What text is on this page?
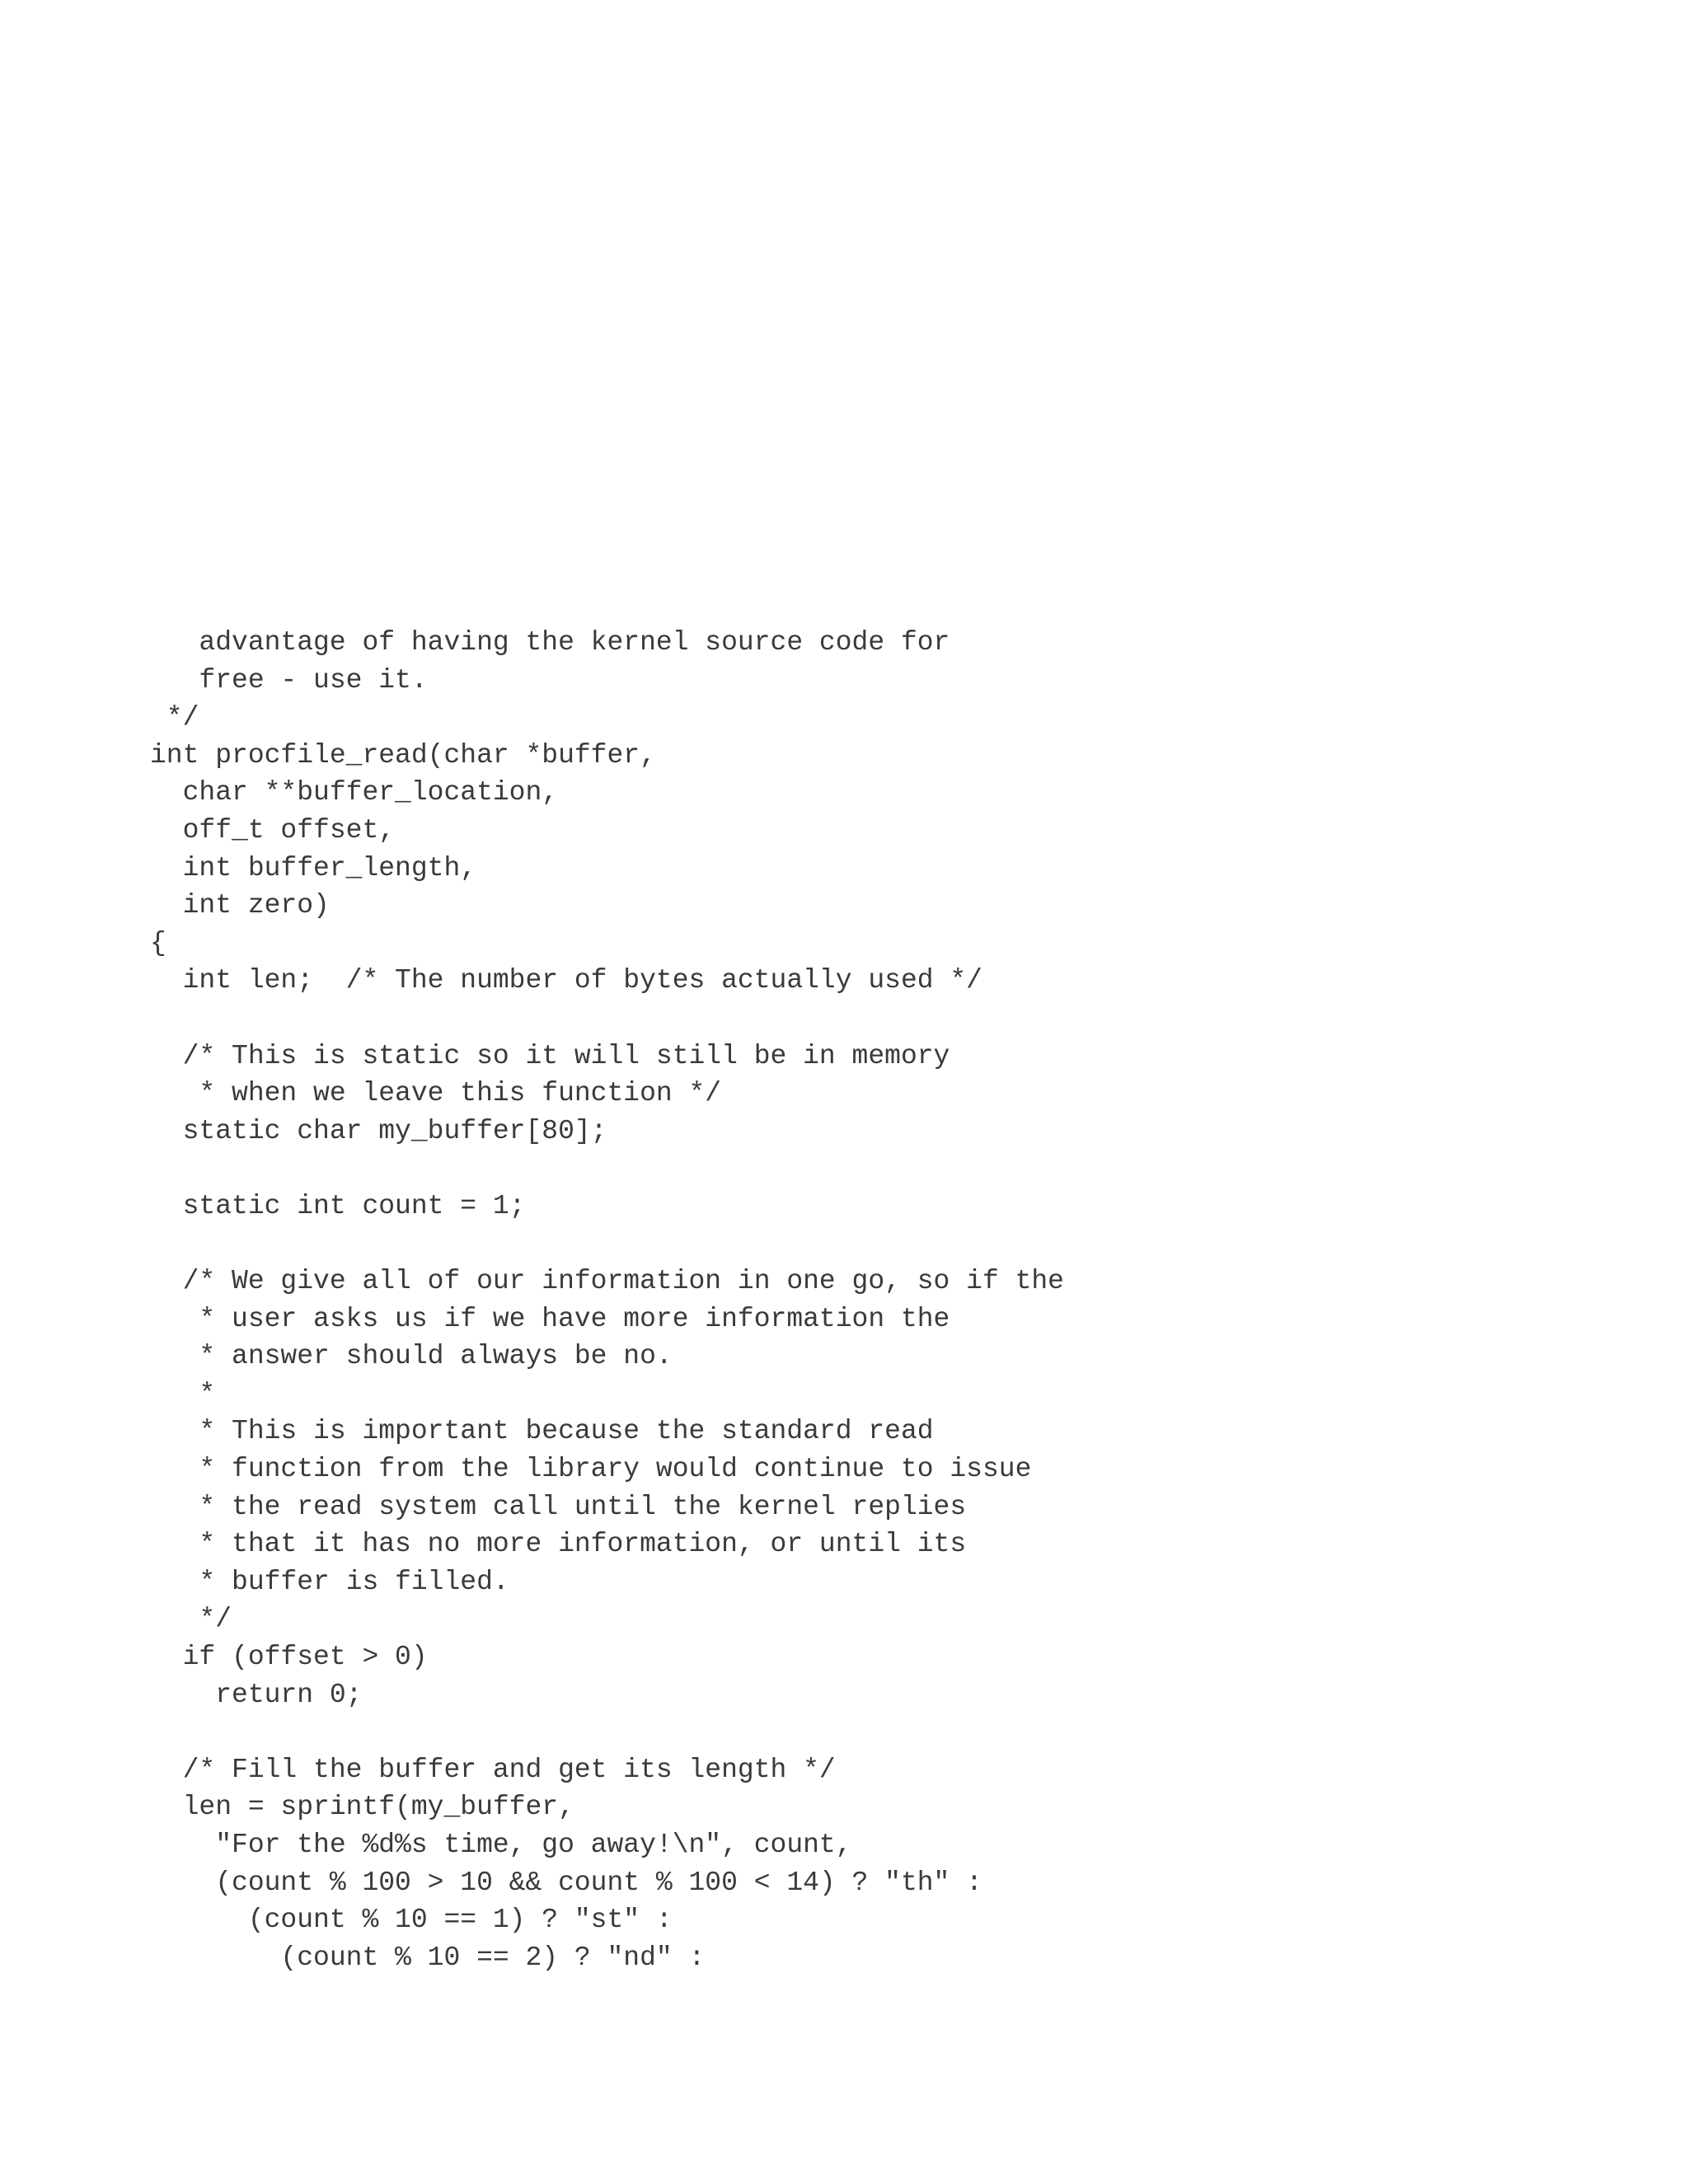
advantage of having the kernel source code for
free - use it.
*/
int procfile_read(char *buffer,
char **buffer_location,
off_t offset,
int buffer_length,
int zero)
{
int len;  /* The number of bytes actually used */
/* This is static so it will still be in memory
* when we leave this function */
static char my_buffer[80];
static int count = 1;
/* We give all of our information in one go, so if the
* user asks us if we have more information the
* answer should always be no.
*
* This is important because the standard read
* function from the library would continue to issue
* the read system call until the kernel replies
* that it has no more information, or until its
* buffer is filled.
*/
if (offset > 0)
return 0;
/* Fill the buffer and get its length */
len = sprintf(my_buffer,
"For the %d%s time, go away!\n", count,
(count % 100 > 10 && count % 100 < 14) ? "th" :
(count % 10 == 1) ? "st" :
(count % 10 == 2) ? "nd" :
